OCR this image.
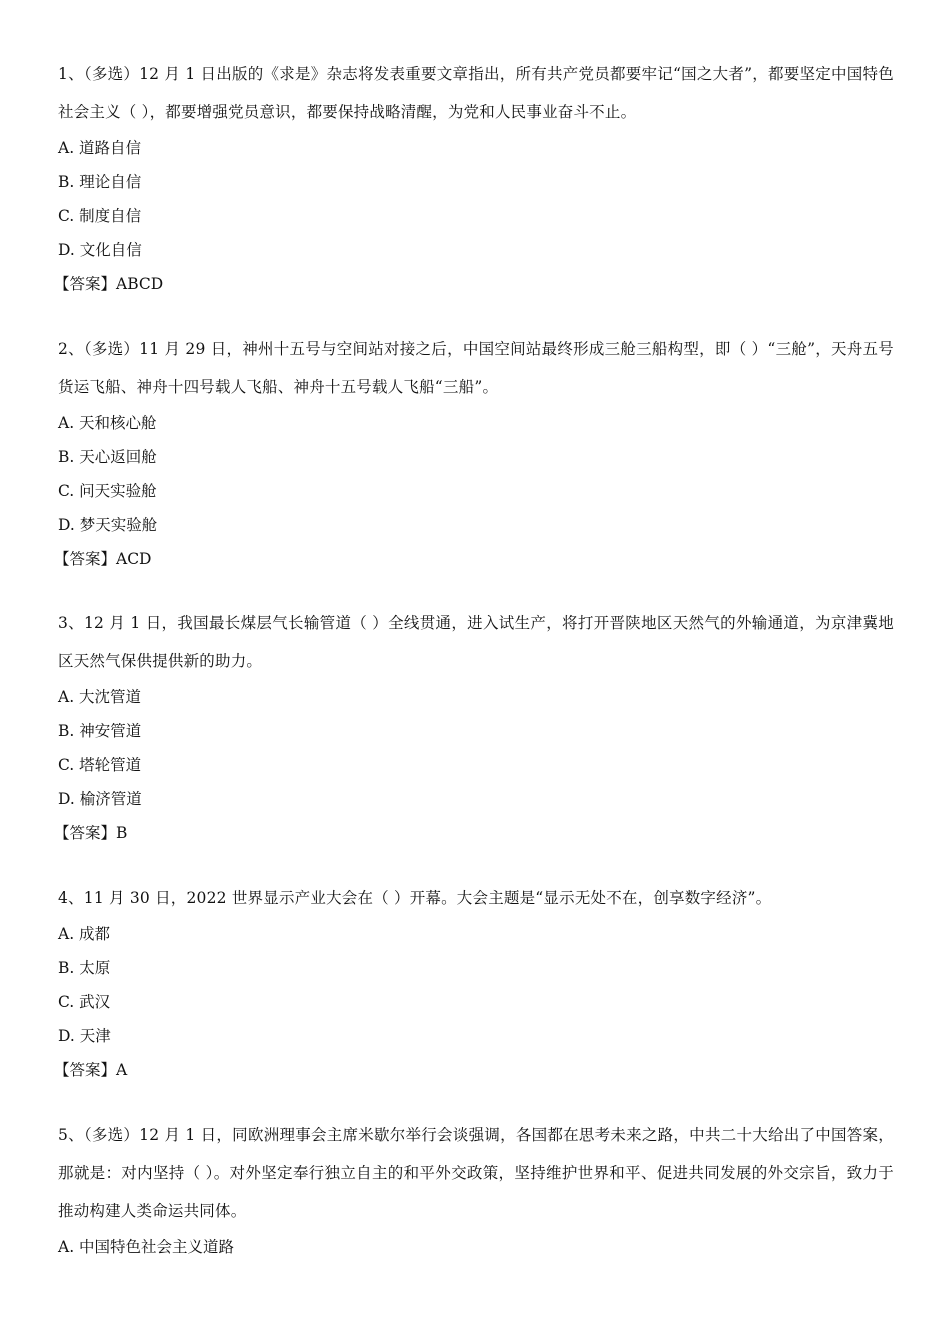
1、（多选）12 月 1 日出版的《求是》杂志将发表重要文章指出，所有共产党员都要牢记“国之大者”，都要坚定中国特色社会主义（ ），都要增强党员意识，都要保持战略清醒，为党和人民事业奋斗不止。

A. 道路自信
B. 理论自信
C. 制度自信
D. 文化自信
【答案】ABCD

2、（多选）11 月 29 日，神州十五号与空间站对接之后，中国空间站最终形成三舱三船构型，即（ ）“三舱”，天舟五号货运飞船、神舟十四号载人飞船、神舟十五号载人飞船“三船”。

A. 天和核心舱
B. 天心返回舱
C. 问天实验舱
D. 梦天实验舱
【答案】ACD

3、12 月 1 日，我国最长煤层气长输管道（ ）全线贯通，进入试生产，将打开晋陕地区天然气的外输通道，为京津冀地区天然气保供提供新的助力。

A. 大沈管道
B. 神安管道
C. 塔轮管道
D. 榆济管道
【答案】B

4、11 月 30 日，2022 世界显示产业大会在（ ）开幕。大会主题是“显示无处不在，创享数字经济”。

A. 成都
B. 太原
C. 武汉
D. 天津
【答案】A

5、（多选）12 月 1 日，同欧洲理事会主席米歇尔举行会谈强调，各国都在思考未来之路，中共二十大给出了中国答案，那就是：对内坚持（ ）。对外坚定奉行独立自主的和平外交政策，坚持维护世界和平、促进共同发展的外交宗旨，致力于推动构建人类命运共同体。

A. 中国特色社会主义道路
